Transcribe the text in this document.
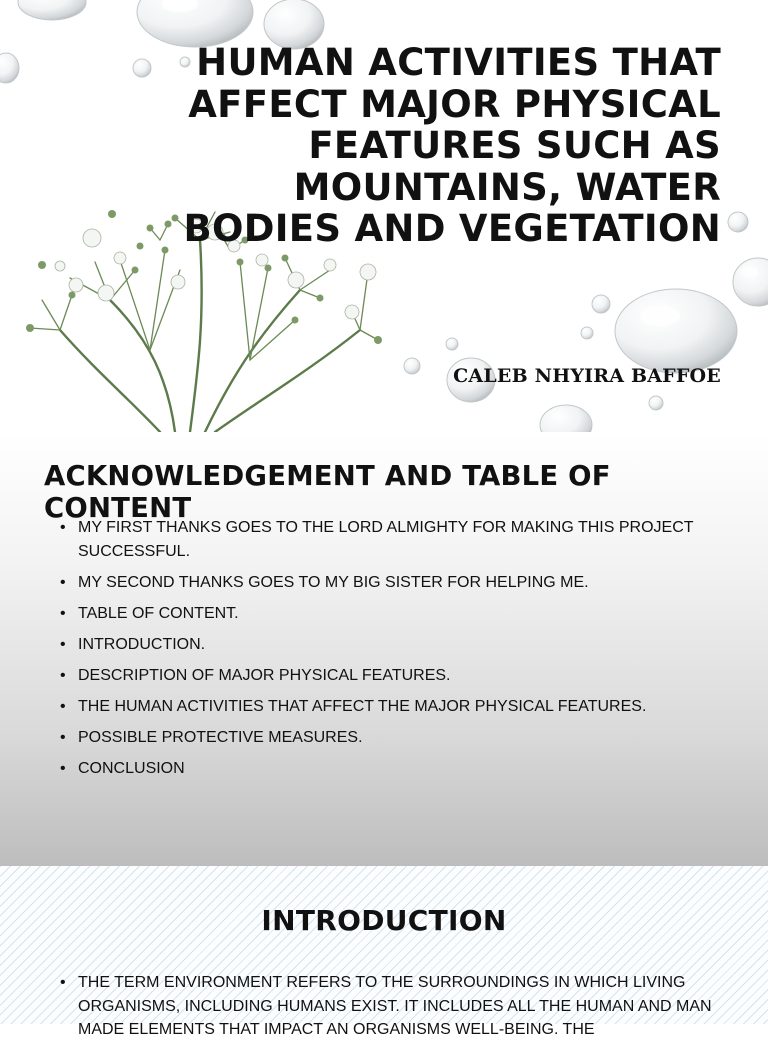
HUMAN ACTIVITIES THAT AFFECT MAJOR PHYSICAL FEATURES SUCH AS MOUNTAINS, WATER BODIES AND VEGETATION
CALEB NHYIRA BAFFOE
ACKNOWLEDGEMENT AND TABLE OF CONTENT
• MY FIRST THANKS GOES TO THE LORD ALMIGHTY FOR MAKING THIS PROJECT SUCCESSFUL.
• MY SECOND THANKS GOES TO MY BIG SISTER FOR HELPING ME.
• TABLE OF CONTENT.
• INTRODUCTION.
• DESCRIPTION OF MAJOR PHYSICAL FEATURES.
• THE HUMAN ACTIVITIES THAT AFFECT THE MAJOR PHYSICAL FEATURES.
• POSSIBLE PROTECTIVE MEASURES.
• CONCLUSION
INTRODUCTION
• THE TERM ENVIRONMENT REFERS TO THE SURROUNDINGS IN WHICH LIVING ORGANISMS, INCLUDING HUMANS EXIST. IT INCLUDES ALL THE HUMAN AND MAN MADE ELEMENTS THAT IMPACT AN ORGANISMS WELL-BEING. THE
